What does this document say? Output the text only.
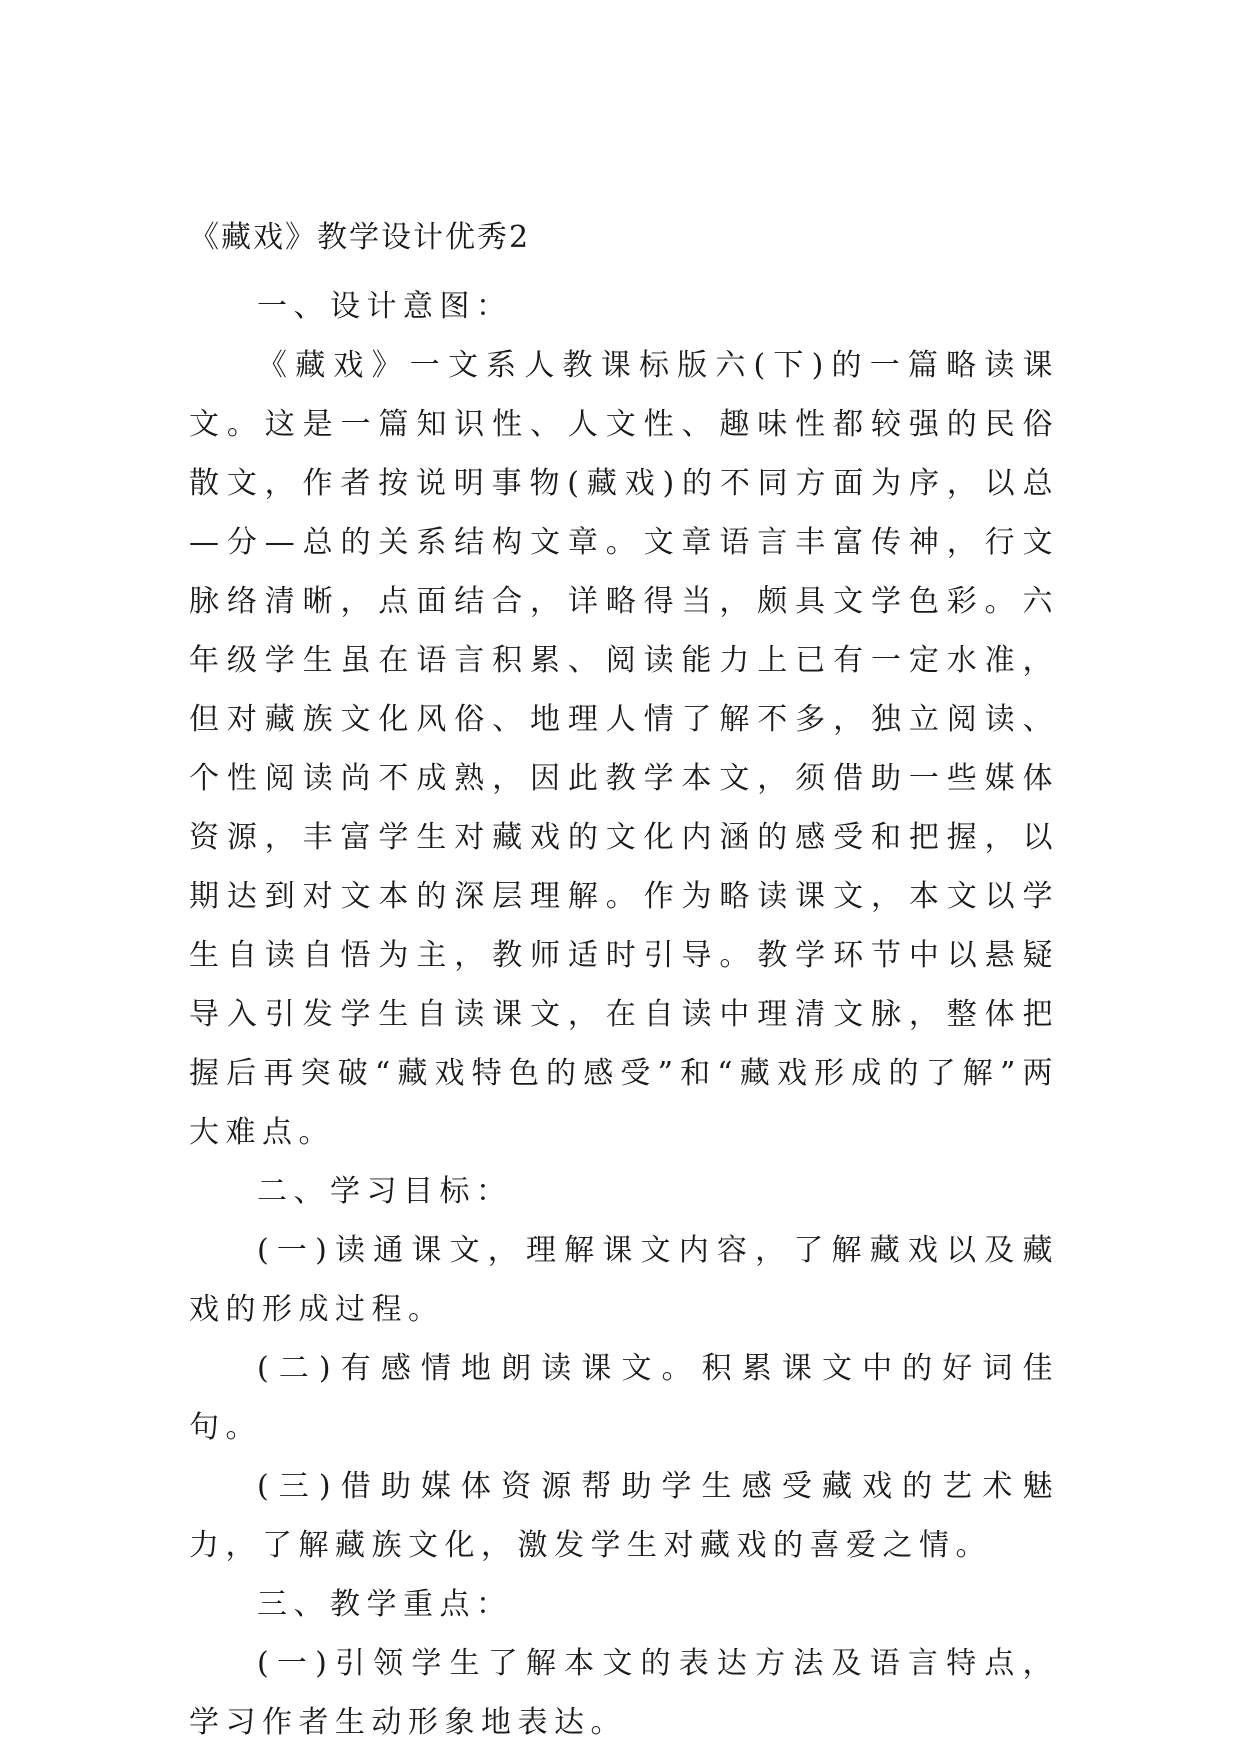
《藏戏》教学设计优秀2

一、设计意图：

《藏戏》一文系人教课标版六(下)的一篇略读课文。这是一篇知识性、人文性、趣味性都较强的民俗散文，作者按说明事物(藏戏)的不同方面为序，以总—分—总的关系结构文章。文章语言丰富传神，行文脉络清晰，点面结合，详略得当，颇具文学色彩。六年级学生虽在语言积累、阅读能力上已有一定水准，但对藏族文化风俗、地理人情了解不多，独立阅读、个性阅读尚不成熟，因此教学本文，须借助一些媒体资源，丰富学生对藏戏的文化内涵的感受和把握，以期达到对文本的深层理解。作为略读课文，本文以学生自读自悟为主，教师适时引导。教学环节中以悬疑导入引发学生自读课文，在自读中理清文脉，整体把握后再突破“藏戏特色的感受”和“藏戏形成的了解”两大难点。

二、学习目标：

(一)读通课文，理解课文内容，了解藏戏以及藏戏的形成过程。

(二)有感情地朗读课文。积累课文中的好词佳句。

(三)借助媒体资源帮助学生感受藏戏的艺术魅力，了解藏族文化，激发学生对藏戏的喜爱之情。

三、教学重点：

(一)引领学生了解本文的表达方法及语言特点，学习作者生动形象地表达。
